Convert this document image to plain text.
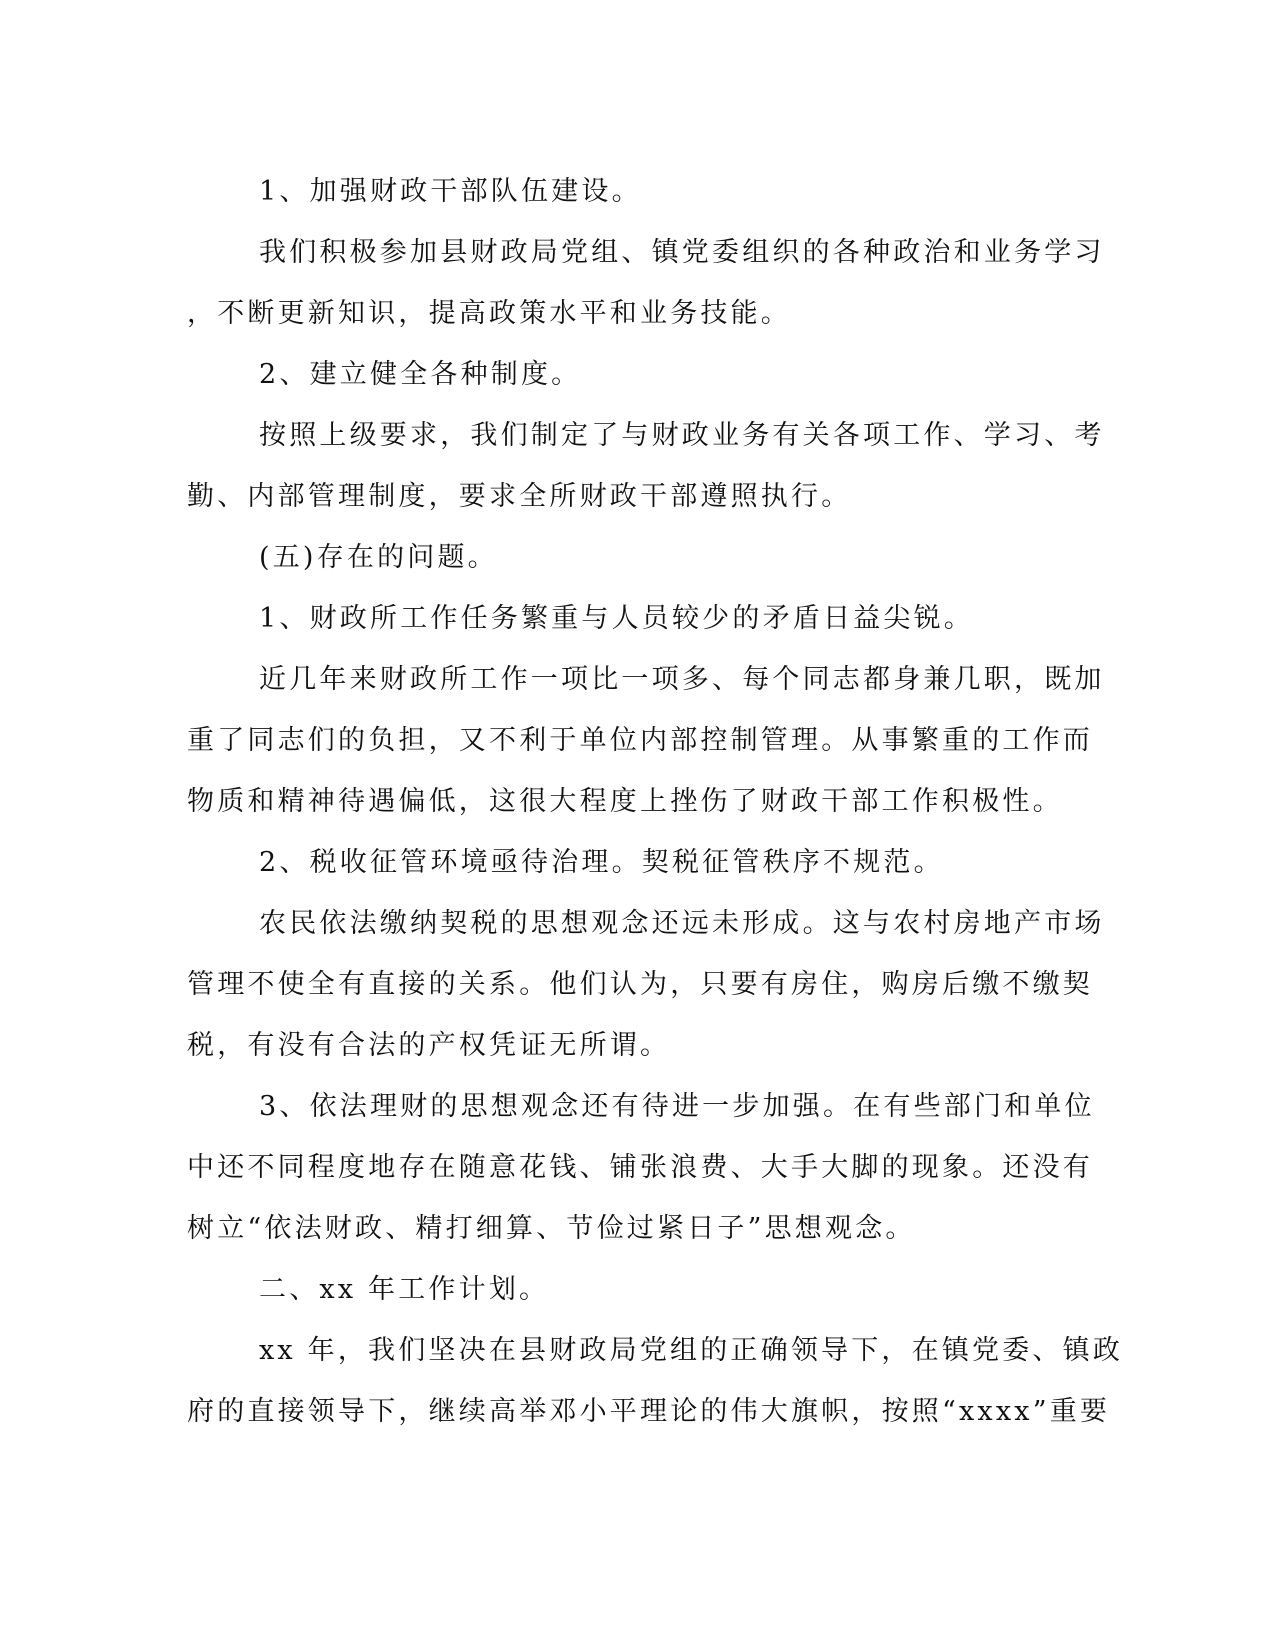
1、加强财政干部队伍建设。
我们积极参加县财政局党组、镇党委组织的各种政治和业务学习
，不断更新知识，提高政策水平和业务技能。
2、建立健全各种制度。
按照上级要求，我们制定了与财政业务有关各项工作、学习、考
勤、内部管理制度，要求全所财政干部遵照执行。
(五)存在的问题。
1、财政所工作任务繁重与人员较少的矛盾日益尖锐。
近几年来财政所工作一项比一项多、每个同志都身兼几职，既加
重了同志们的负担，又不利于单位内部控制管理。从事繁重的工作而
物质和精神待遇偏低，这很大程度上挫伤了财政干部工作积极性。
2、税收征管环境亟待治理。契税征管秩序不规范。
农民依法缴纳契税的思想观念还远未形成。这与农村房地产市场
管理不使全有直接的关系。他们认为，只要有房住，购房后缴不缴契
税，有没有合法的产权凭证无所谓。
3、依法理财的思想观念还有待进一步加强。在有些部门和单位
中还不同程度地存在随意花钱、铺张浪费、大手大脚的现象。还没有
树立“依法财政、精打细算、节俭过紧日子”思想观念。
二、xx 年工作计划。
xx 年，我们坚决在县财政局党组的正确领导下，在镇党委、镇政
府的直接领导下，继续高举邓小平理论的伟大旗帜，按照“xxxx”重要
